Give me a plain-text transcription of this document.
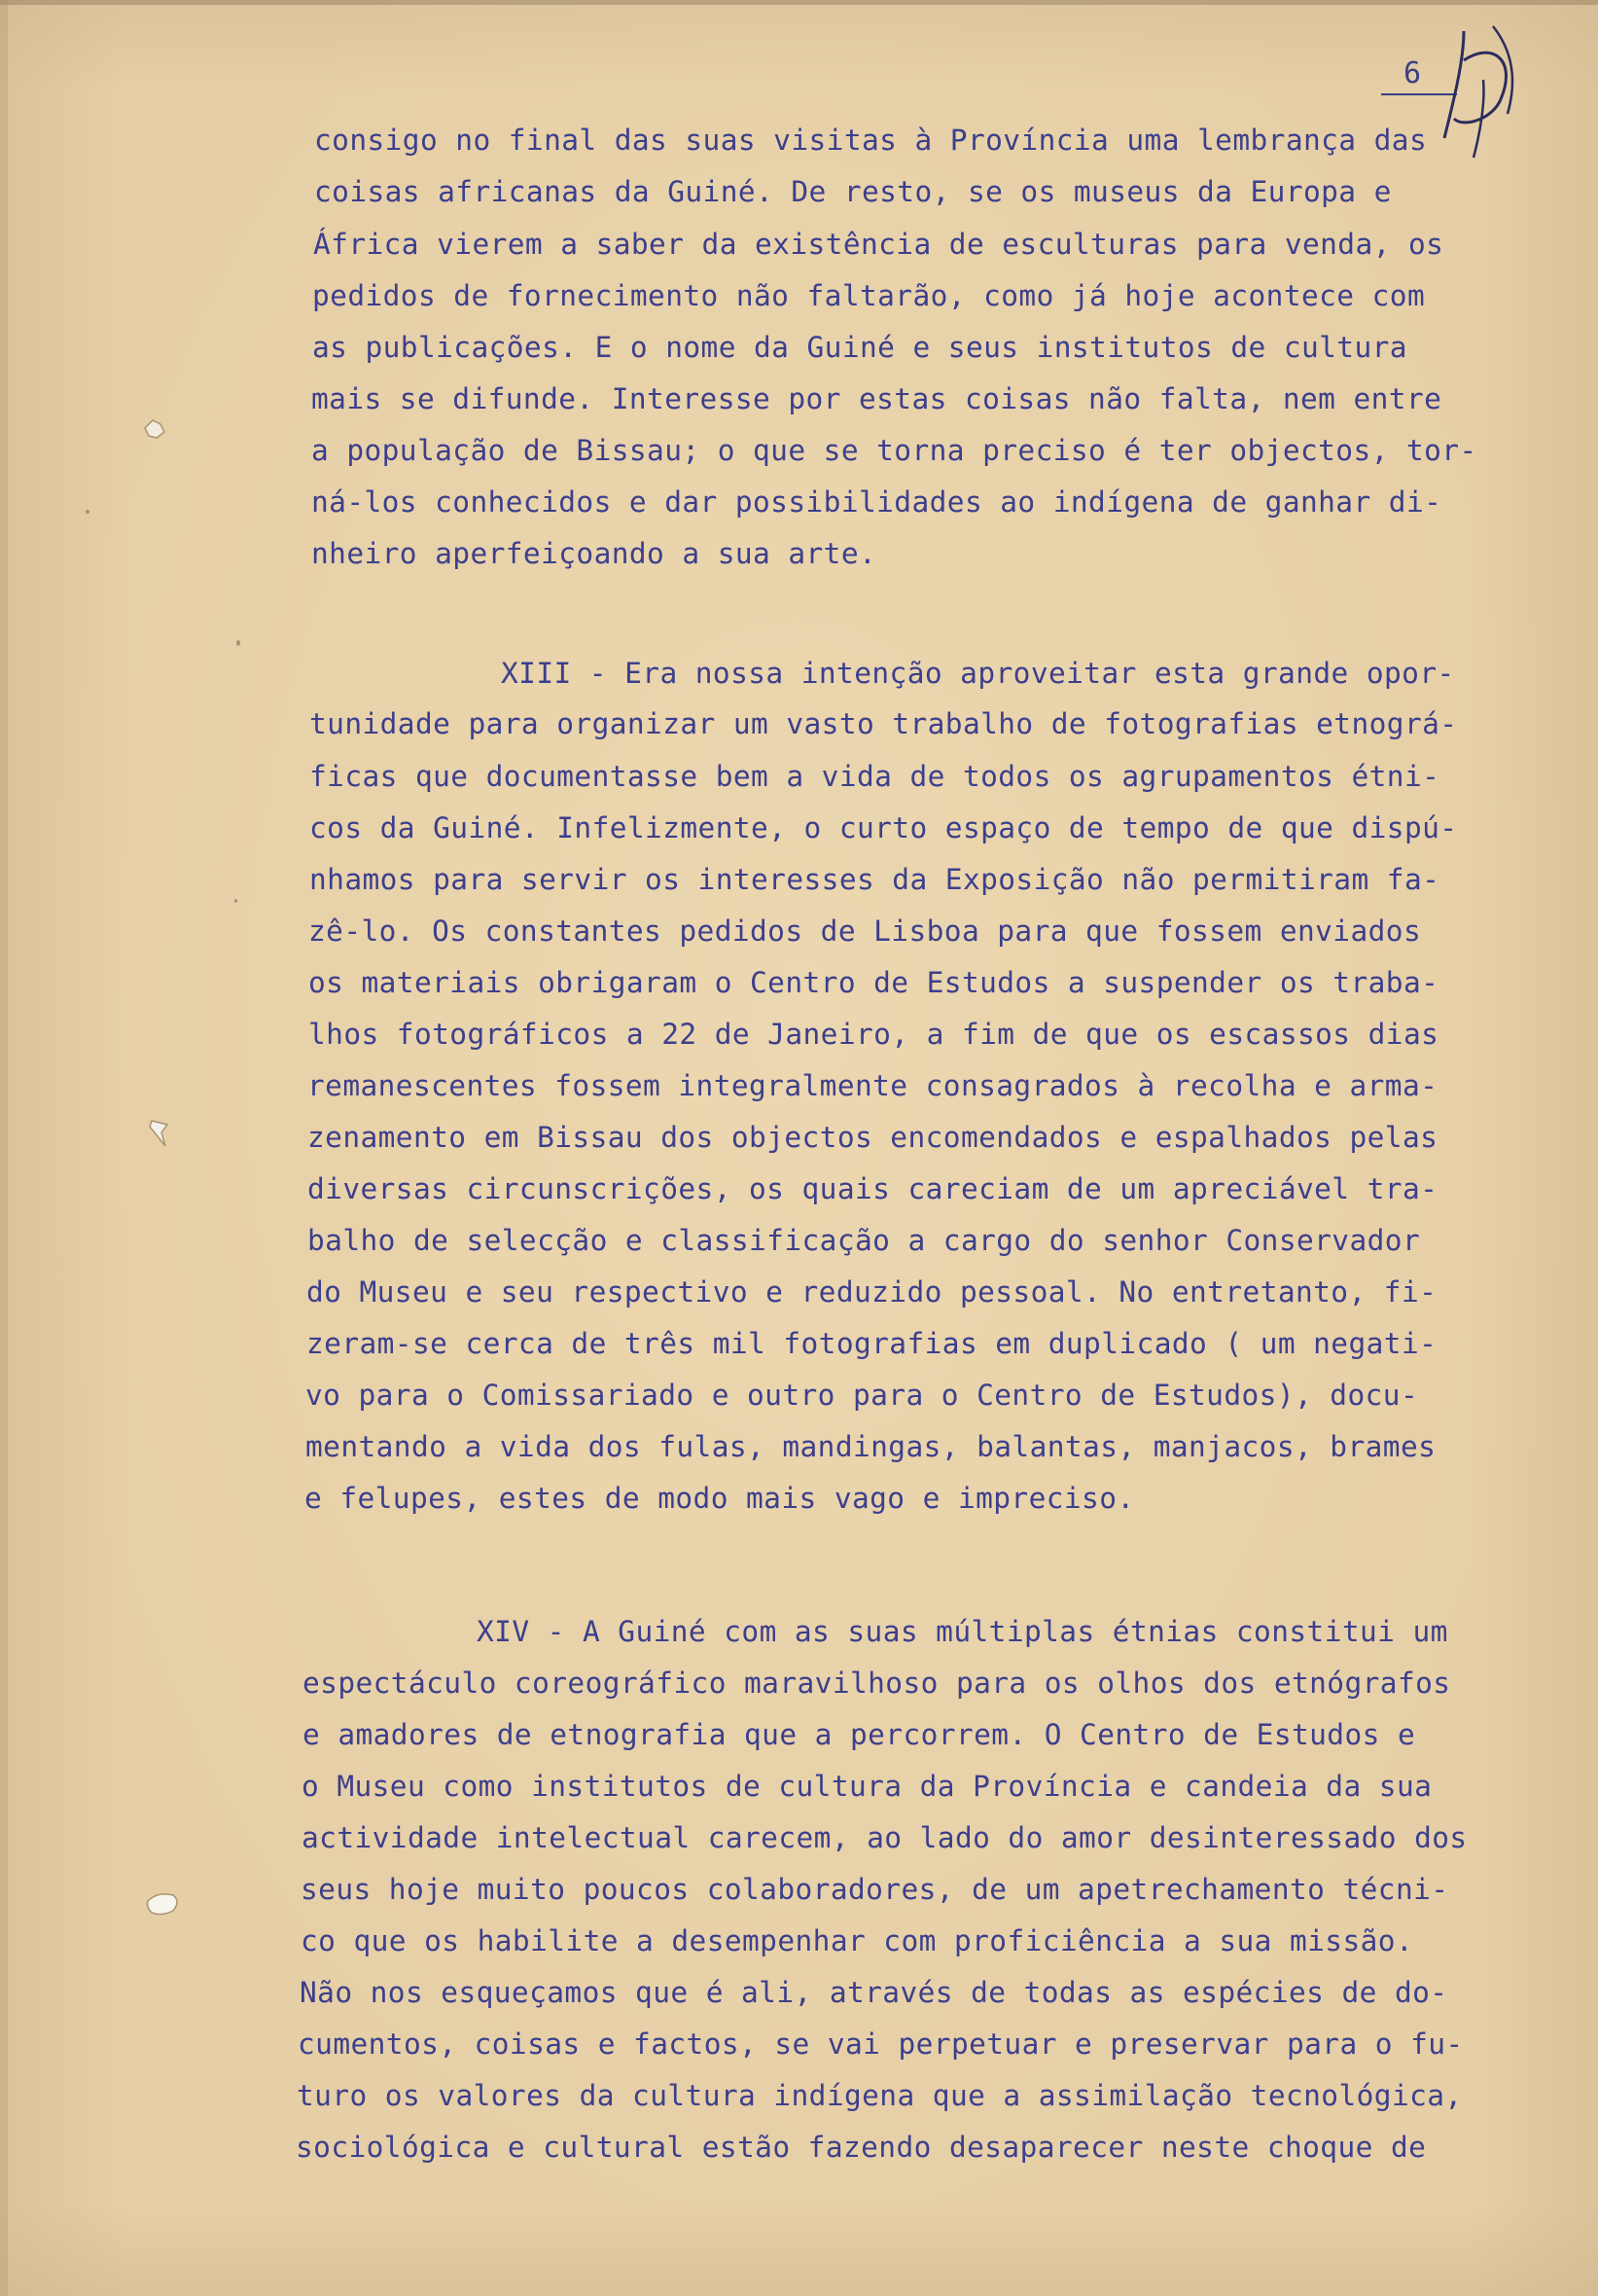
6

consigo no final das suas visitas à Província uma lembrança das

coisas africanas da Guiné. De resto, se os museus da Europa e

África vierem a saber da existência de esculturas para venda, os

pedidos de fornecimento não faltarão, como já hoje acontece com

as publicações. E o nome da Guiné e seus institutos de cultura

mais se difunde. Interesse por estas coisas não falta, nem entre

a população de Bissau; o que se torna preciso é ter objectos, tor-

ná-los conhecidos e dar possibilidades ao indígena de ganhar di-

nheiro aperfeiçoando a sua arte.

XIII - Era nossa intenção aproveitar esta grande opor-

tunidade para organizar um vasto trabalho de fotografias etnográ-

ficas que documentasse bem a vida de todos os agrupamentos étni-

cos da Guiné. Infelizmente, o curto espaço de tempo de que dispú-

nhamos para servir os interesses da Exposição não permitiram fa-

zê-lo. Os constantes pedidos de Lisboa para que fossem enviados

os materiais obrigaram o Centro de Estudos a suspender os traba-

lhos fotográficos a 22 de Janeiro, a fim de que os escassos dias

remanescentes fossem integralmente consagrados à recolha e arma-

zenamento em Bissau dos objectos encomendados e espalhados pelas

diversas circunscrições, os quais careciam de um apreciável tra-

balho de selecção e classificação a cargo do senhor Conservador

do Museu e seu respectivo e reduzido pessoal. No entretanto, fi-

zeram-se cerca de três mil fotografias em duplicado ( um negati-

vo para o Comissariado e outro para o Centro de Estudos), docu-

mentando a vida dos fulas, mandingas, balantas, manjacos, brames

e felupes, estes de modo mais vago e impreciso.

XIV - A Guiné com as suas múltiplas étnias constitui um

espectáculo coreográfico maravilhoso para os olhos dos etnógrafos

e amadores de etnografia que a percorrem. O Centro de Estudos e

o Museu como institutos de cultura da Província e candeia da sua

actividade intelectual carecem, ao lado do amor desinteressado dos

seus hoje muito poucos colaboradores, de um apetrechamento técni-

co que os habilite a desempenhar com proficiência a sua missão.

Não nos esqueçamos que é ali, através de todas as espécies de do-

cumentos, coisas e factos, se vai perpetuar e preservar para o fu-

turo os valores da cultura indígena que a assimilação tecnológica,

sociológica e cultural estão fazendo desaparecer neste choque de
